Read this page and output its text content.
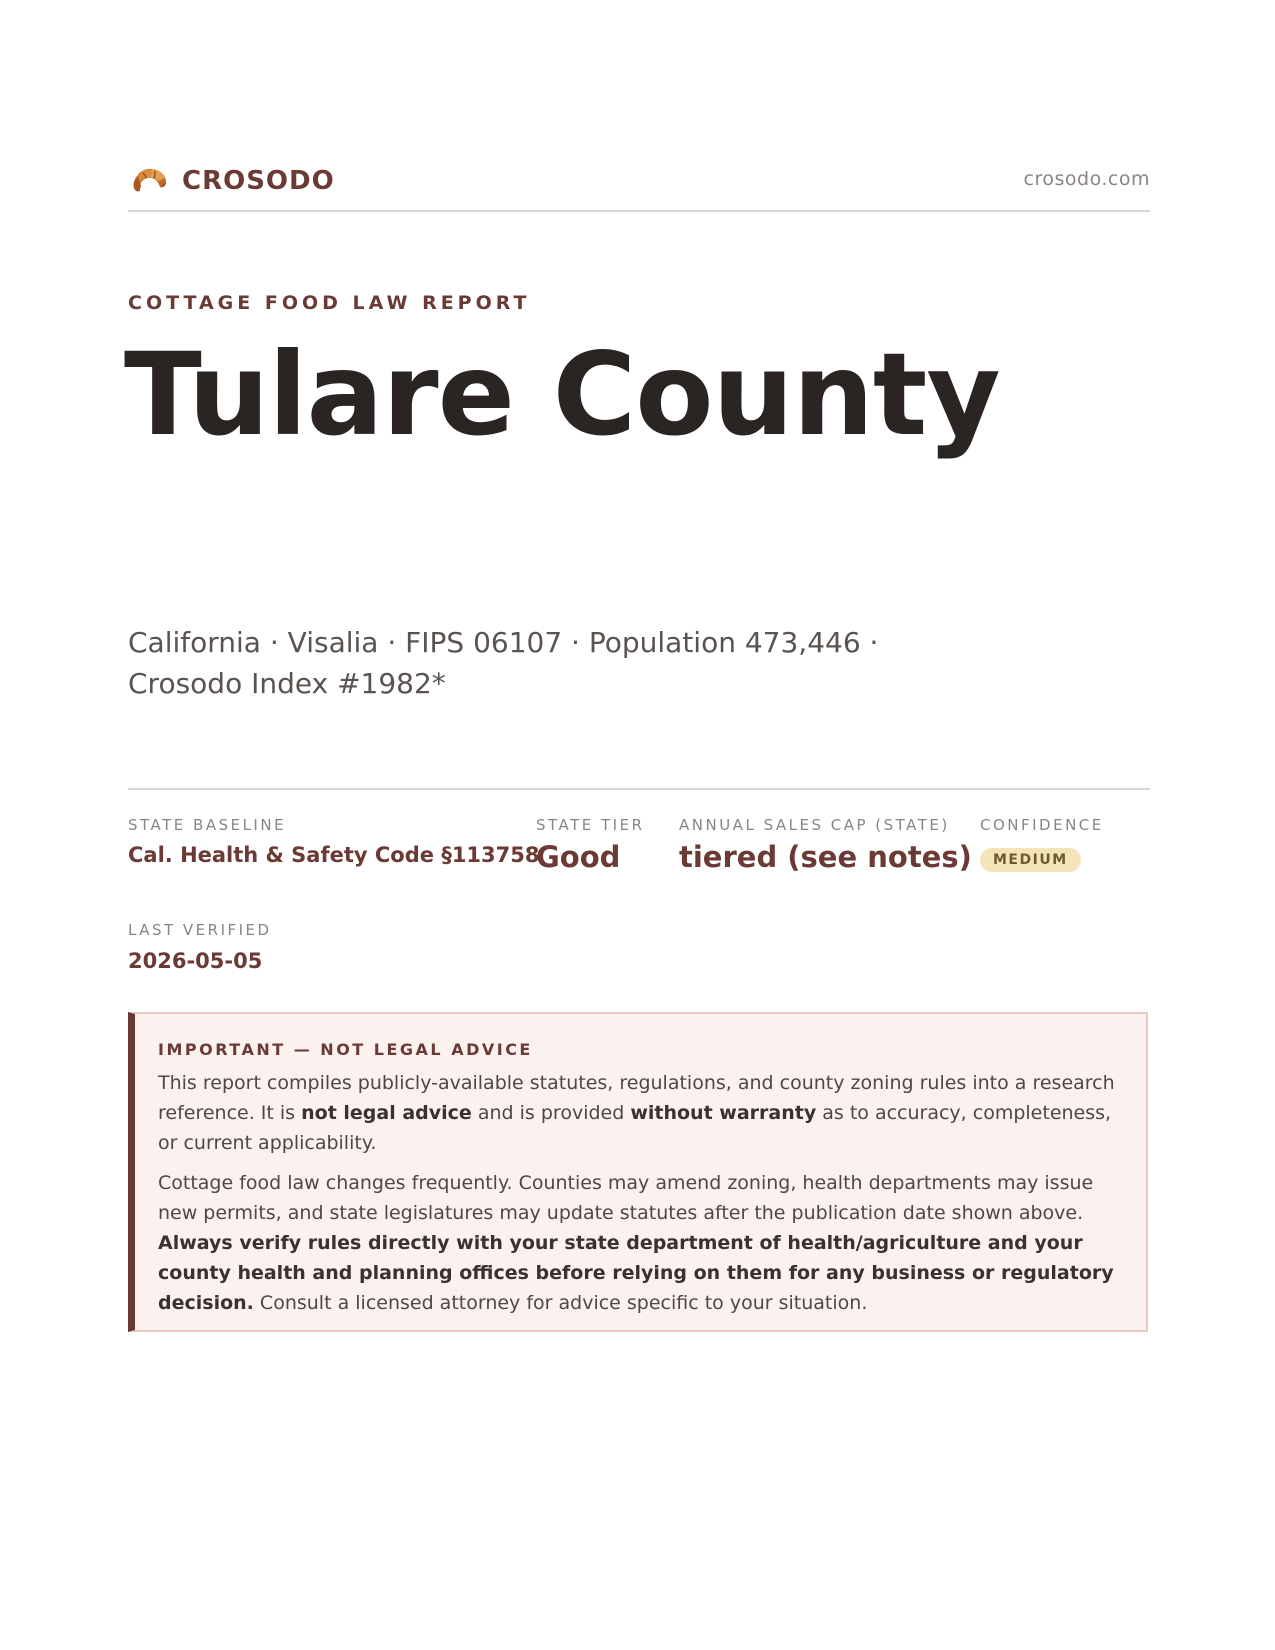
CROSODO	crosodo.com
COTTAGE FOOD LAW REPORT
Tulare County
California · Visalia · FIPS 06107 · Population 473,446 · Crosodo Index #1982*
STATE BASELINE
Cal. Health & Safety Code §113758
STATE TIER
Good
ANNUAL SALES CAP (STATE)
tiered (see notes)
CONFIDENCE
MEDIUM
LAST VERIFIED
2026-05-05
IMPORTANT — NOT LEGAL ADVICE

This report compiles publicly-available statutes, regulations, and county zoning rules into a research reference. It is not legal advice and is provided without warranty as to accuracy, completeness, or current applicability.

Cottage food law changes frequently. Counties may amend zoning, health departments may issue new permits, and state legislatures may update statutes after the publication date shown above. Always verify rules directly with your state department of health/agriculture and your county health and planning offices before relying on them for any business or regulatory decision. Consult a licensed attorney for advice specific to your situation.
